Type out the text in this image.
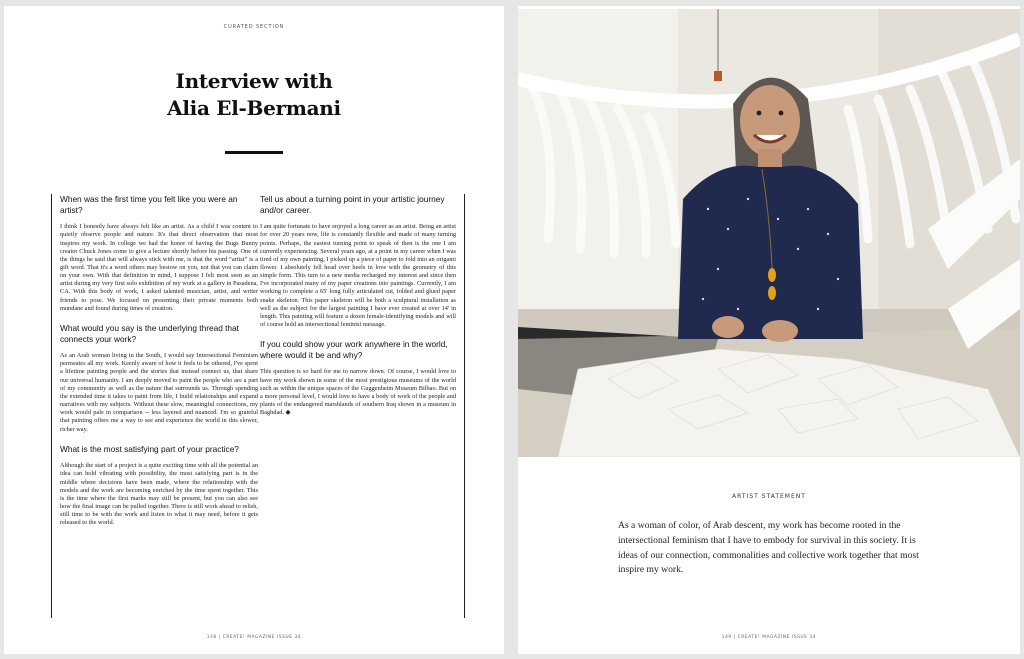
CURATED SECTION
Interview with
Alia El-Bermani

When was the first time you felt like you were an artist?

I think I honestly have always felt like an artist. As a child I was content to quietly observe people and nature. It's that direct observation that most inspires my work. In college we had the honor of having the Bugs Bunny creator Chuck Jones come to give a lecture shortly before his passing. One of the things he said that will always stick with me, is that the word “artist” is a gift word. That it's a word others may bestow on you, not that you can claim on your own. With that definition in mind, I suppose I felt most seen as an artist during my very first solo exhibition of my work at a gallery in Pasadena, CA. With this body of work, I asked talented musician, artist, and writer friends to pose. We focused on presenting their private moments both mundane and found during times of creation.

What would you say is the underlying thread that connects your work?

As an Arab woman living in the South, I would say Intersectional Feminism permeates all my work. Keenly aware of how it feels to be othered, I've spent a lifetime painting people and the stories that instead connect us, that share our universal humanity. I am deeply moved to paint the people who are a part of my community as well as the nature that surrounds us. Through spending the extended time it takes to paint from life, I build relationships and expand narratives with my subjects. Without these slow, meaningful connections, my work would pale in comparison -- less layered and nuanced. I'm so grateful that painting offers me a way to see and experience the world in this slower, richer way.

What is the most satisfying part of your practice?

Although the start of a project is a quite exciting time with all the potential an idea can hold vibrating with possibility, the most satisfying part is in the middle where decisions have been made, where the relationship with the models and the work are becoming enriched by the time spent together. This is the time where the first marks may still be present, but you can also see how the final image can be pulled together. There is still work ahead to relish, still time to be with the work and listen to what it may need, before it gets released to the world.

Tell us about a turning point in your artistic journey and/or career.

I am quite fortunate to have enjoyed a long career as an artist. Being an artist for over 20 years now, life is constantly flexible and made of many turning points. Perhaps, the easiest turning point to speak of then is the one I am currently experiencing. Several years ago, at a point in my career when I was tired of my own painting, I picked up a piece of paper to fold into an origami flower. I absolutely fell head over heels in love with the geometry of this simple form. This turn to a new media recharged my interest and since then I've incorporated many of my paper creations into paintings. Currently, I am working to complete a 65' long fully articulated cut, folded and glued paper snake skeleton. This paper skeleton will be both a sculptural installation as well as the subject for the largest painting I have ever created at over 14' in length. This painting will feature a dozen female-identifying models and will of course hold an intersectional feminist message.

If you could show your work anywhere in the world, where would it be and why?

This question is so hard for me to narrow down. Of course, I would love to have my work shown in some of the most prestigious museums of the world such as within the unique spaces of the Guggenheim Museum Bilbao. But on a more personal level, I would love to have a body of work of the people and plants of the endangered marshlands of southern Iraq shown in a museum in Baghdad. ◆

148 | CREATE! MAGAZINE ISSUE 34
ARTIST STATEMENT
As a woman of color, of Arab descent, my work has become rooted in the intersectional feminism that I have to embody for survival in this society. It is ideas of our connection, commonalities and collective work together that most inspire my work.
149 | CREATE! MAGAZINE ISSUE 34
